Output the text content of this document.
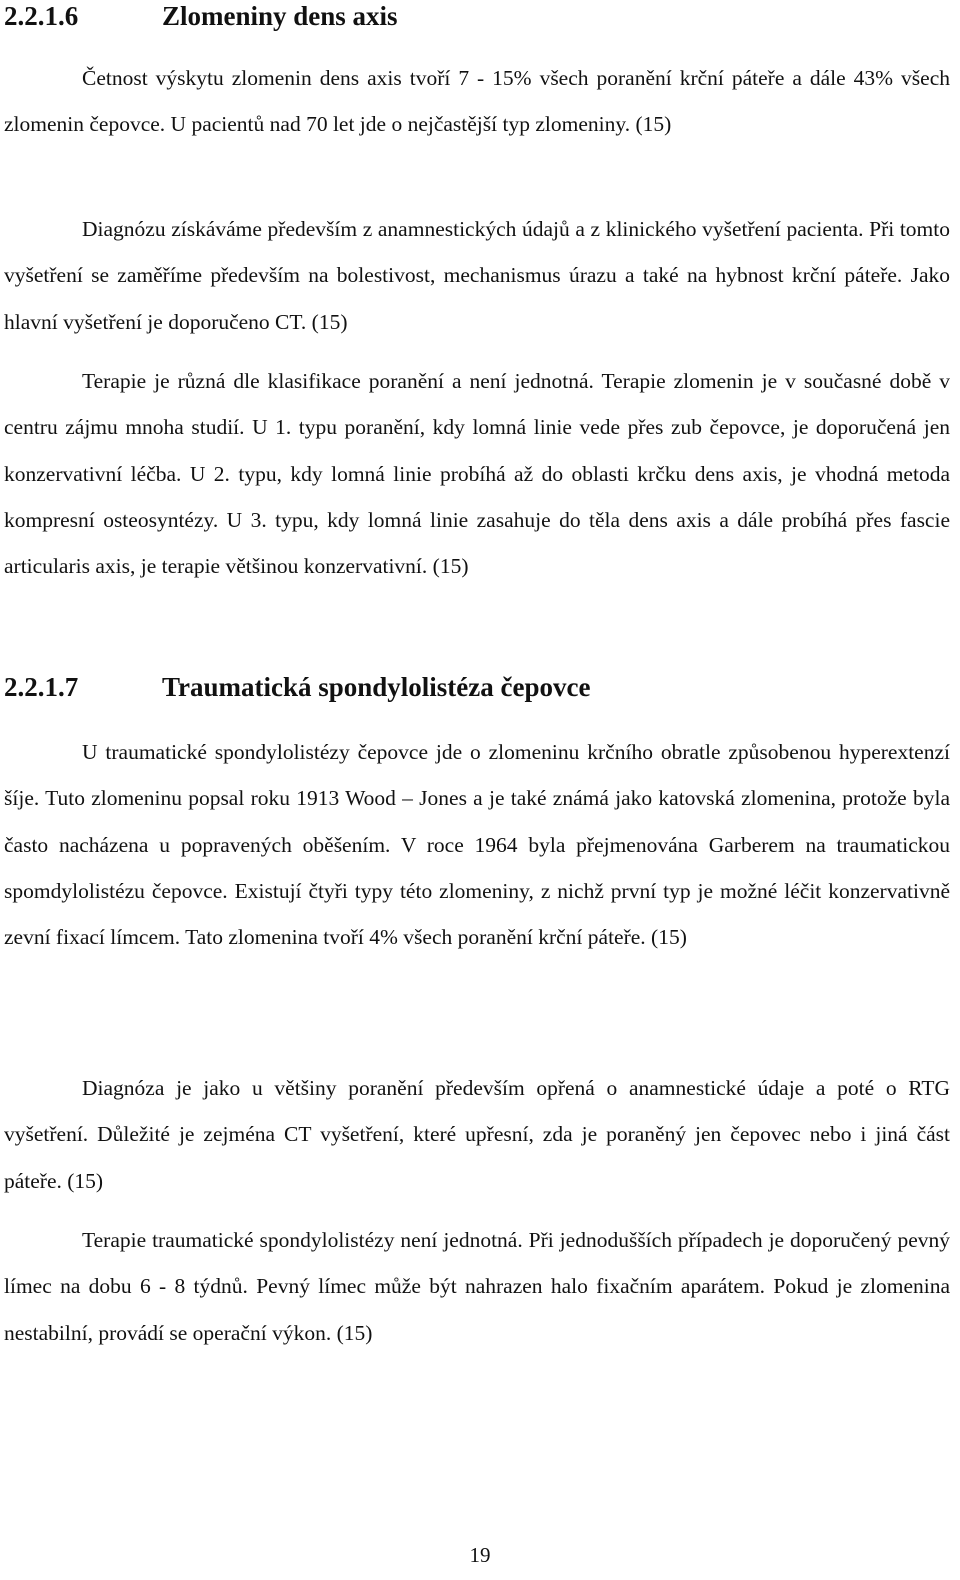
2.2.1.6	Zlomeniny dens axis

Četnost výskytu zlomenin dens axis tvoří 7 - 15% všech poranění krční páteře a dále 43% všech zlomenin čepovce. U pacientů nad 70 let jde o nejčastější typ zlomeniny. (15)

Diagnózu získáváme především z anamnestických údajů a z klinického vyšetření pacienta. Při tomto vyšetření se zaměříme především na bolestivost, mechanismus úrazu a také na hybnost krční páteře. Jako hlavní vyšetření je doporučeno CT. (15)

Terapie je různá dle klasifikace poranění a není jednotná. Terapie zlomenin je v současné době v centru zájmu mnoha studií. U 1. typu poranění, kdy lomná linie vede přes zub čepovce, je doporučená jen konzervativní léčba. U 2. typu, kdy lomná linie probíhá až do oblasti krčku dens axis, je vhodná metoda kompresní osteosyntézy. U 3. typu, kdy lomná linie zasahuje do těla dens axis a dále probíhá přes fascie articularis axis, je terapie většinou konzervativní. (15)

2.2.1.7	Traumatická spondylolistéza čepovce

U traumatické spondylolistézy čepovce jde o zlomeninu krčního obratle způsobenou hyperextenzí šíje. Tuto zlomeninu popsal roku 1913 Wood – Jones a je také známá jako katovská zlomenina, protože byla často nacházena u popravených oběšením. V roce 1964 byla přejmenována Garberem na traumatickou spomdylolistézu čepovce. Existují čtyři typy této zlomeniny, z nichž první typ je možné léčit konzervativně zevní fixací límcem. Tato zlomenina tvoří 4% všech poranění krční páteře. (15)

Diagnóza je jako u většiny poranění především opřená o anamnestické údaje a poté o RTG vyšetření. Důležité je zejména CT vyšetření, které upřesní, zda je poraněný jen čepovec nebo i jiná část páteře. (15)

Terapie traumatické spondylolistézy není jednotná. Při jednodušších případech je doporučený pevný límec na dobu 6 - 8 týdnů. Pevný límec může být nahrazen halo fixačním aparátem. Pokud je zlomenina nestabilní, provádí se operační výkon. (15)

19
